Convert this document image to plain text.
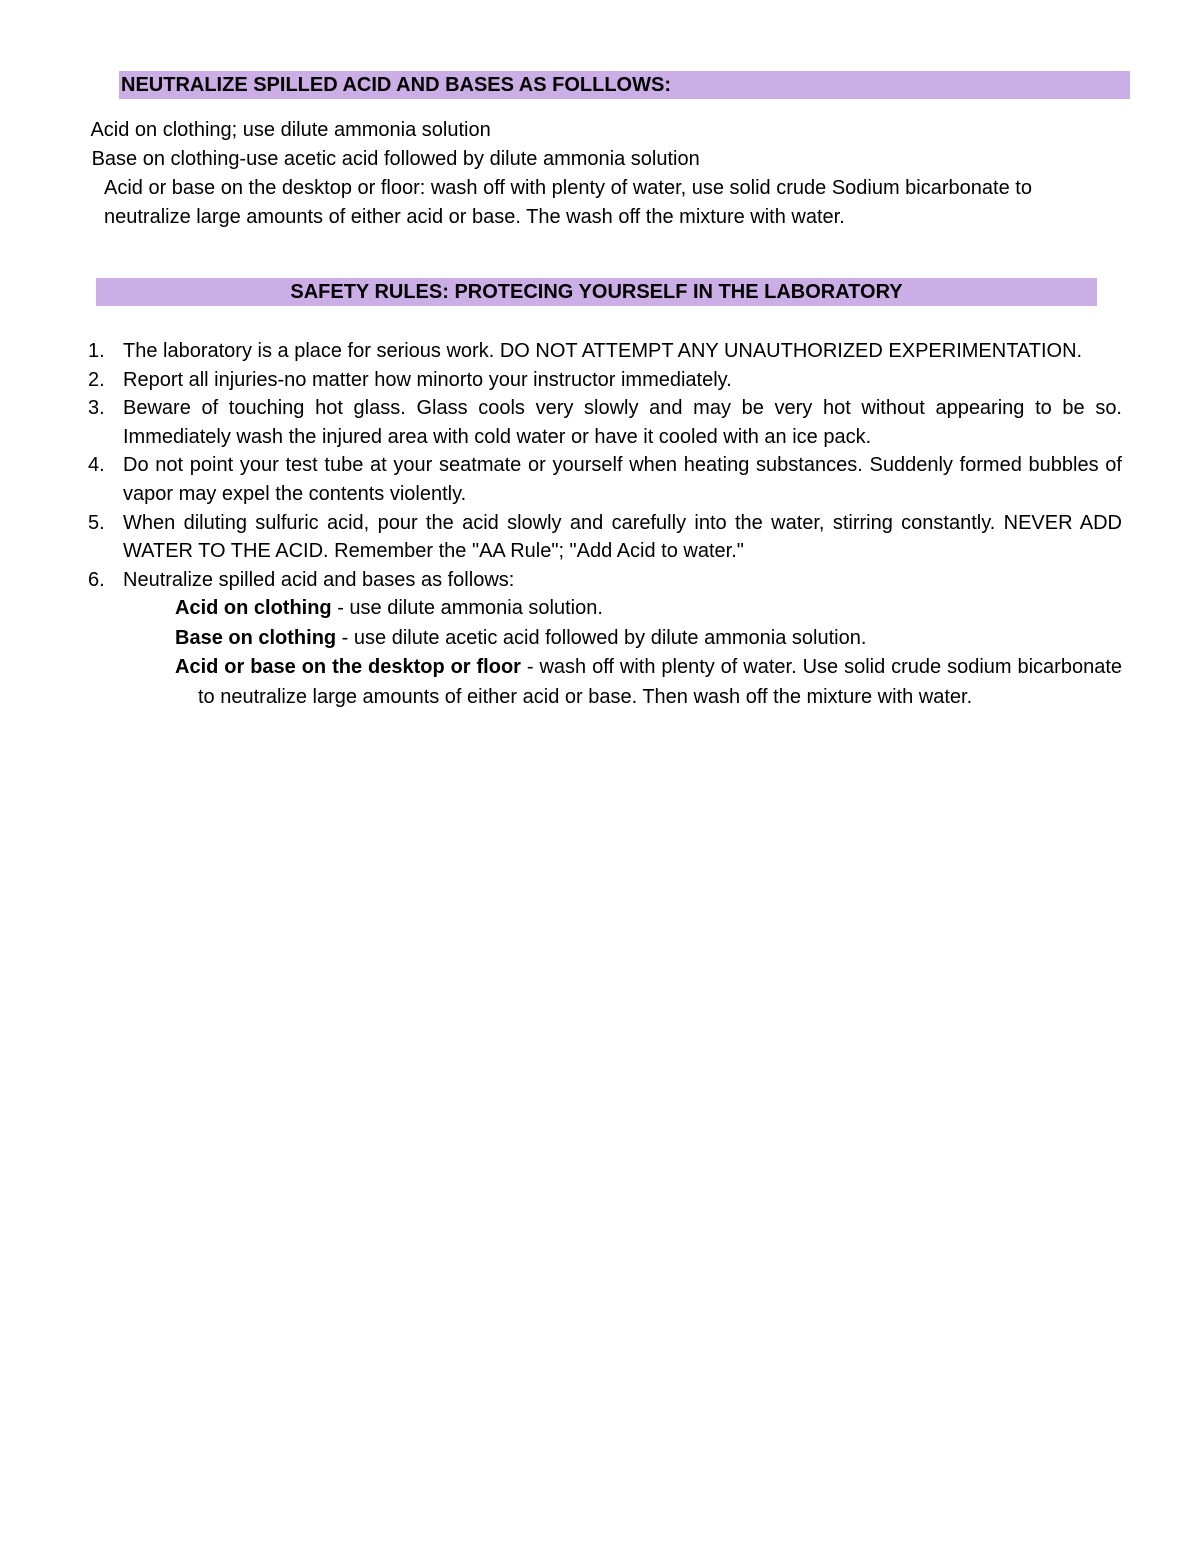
NEUTRALIZE SPILLED ACID AND BASES AS FOLLLOWS:
Acid on clothing; use dilute ammonia solution
Base on clothing-use acetic acid followed by dilute ammonia solution

Acid or base on the desktop or floor: wash off with plenty of water, use solid crude Sodium bicarbonate to neutralize large amounts of either acid or base. The wash off the mixture with water.

SAFETY RULES: PROTECING YOURSELF IN THE LABORATORY
1. The laboratory is a place for serious work. DO NOT ATTEMPT ANY UNAUTHORIZED EXPERIMENTATION.
2. Report all injuries-no matter how minorto your instructor immediately.
3. Beware of touching hot glass. Glass cools very slowly and may be very hot without appearing to be so. Immediately wash the injured area with cold water or have it cooled with an ice pack.
4. Do not point your test tube at your seatmate or yourself when heating substances. Suddenly formed bubbles of vapor may expel the contents violently.
5. When diluting sulfuric acid, pour the acid slowly and carefully into the water, stirring constantly. NEVER ADD WATER TO THE ACID. Remember the "AA Rule"; "Add Acid to water."
6. Neutralize spilled acid and bases as follows:
Acid on clothing - use dilute ammonia solution.
Base on clothing - use dilute acetic acid followed by dilute ammonia solution.
Acid or base on the desktop or floor - wash off with plenty of water. Use solid crude sodium bicarbonate to neutralize large amounts of either acid or base. Then wash off the mixture with water.
